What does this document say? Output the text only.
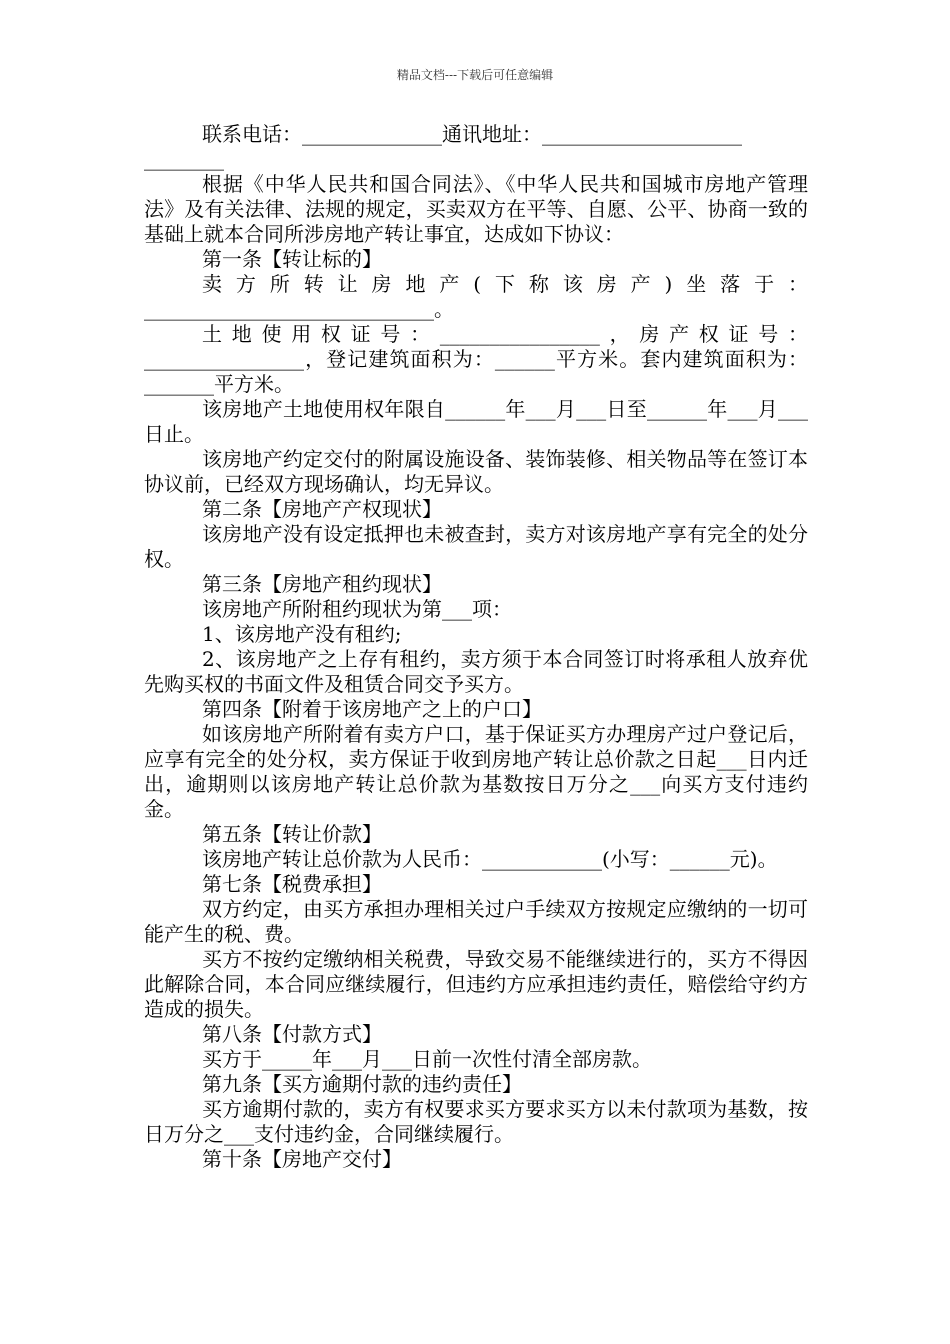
精品文档---下载后可任意编辑

联系电话：______________通讯地址：____________________

________

根据《中华人民共和国合同法》、《中华人民共和国城市房地产管理法》及有关法律、法规的规定，买卖双方在平等、自愿、公平、协商一致的基础上就本合同所涉房地产转让事宜，达成如下协议：

第一条【转让标的】

卖方所转让房地产(下称该房产)坐落于：_____________________________。

土地使用权证号：________________，房产权证号：________________，登记建筑面积为：______平方米。套内建筑面积为：_______平方米。

该房地产土地使用权年限自______年___月___日至______年___月___日止。

该房地产约定交付的附属设施设备、装饰装修、相关物品等在签订本协议前，已经双方现场确认，均无异议。

第二条【房地产产权现状】

该房地产没有设定抵押也未被查封，卖方对该房地产享有完全的处分权。

第三条【房地产租约现状】

该房地产所附租约现状为第___项：

1、该房地产没有租约;

2、该房地产之上存有租约，卖方须于本合同签订时将承租人放弃优先购买权的书面文件及租赁合同交予买方。

第四条【附着于该房地产之上的户口】

如该房地产所附着有卖方户口，基于保证买方办理房产过户登记后，应享有完全的处分权，卖方保证于收到房地产转让总价款之日起___日内迁出，逾期则以该房地产转让总价款为基数按日万分之___向买方支付违约金。

第五条【转让价款】

该房地产转让总价款为人民币：____________(小写：______元)。

第七条【税费承担】

双方约定，由买方承担办理相关过户手续双方按规定应缴纳的一切可能产生的税、费。

买方不按约定缴纳相关税费，导致交易不能继续进行的，买方不得因此解除合同，本合同应继续履行，但违约方应承担违约责任，赔偿给守约方造成的损失。

第八条【付款方式】

买方于_____年___月___日前一次性付清全部房款。

第九条【买方逾期付款的违约责任】

买方逾期付款的，卖方有权要求买方要求买方以未付款项为基数，按日万分之___支付违约金，合同继续履行。

第十条【房地产交付】
